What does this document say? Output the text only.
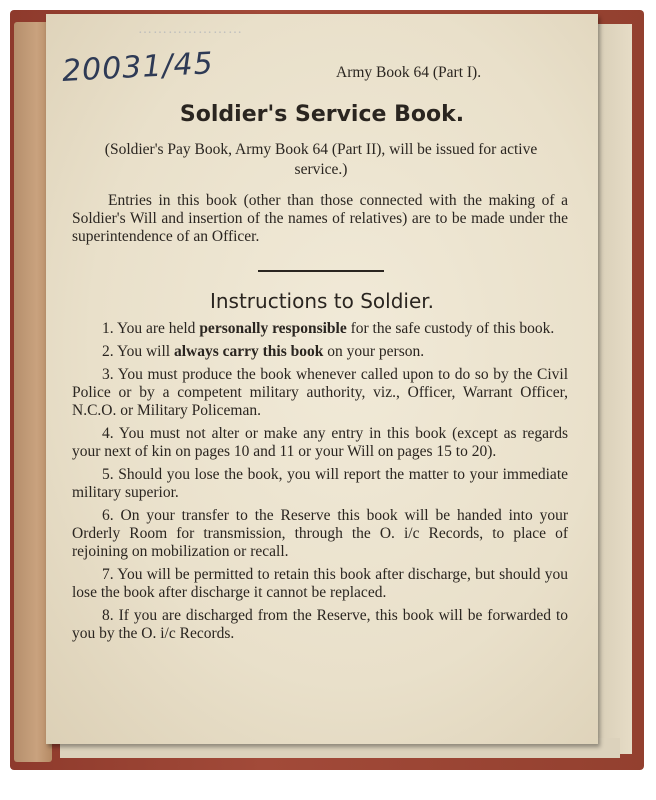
…………………
20031/45	Army Book 64 (Part I).
Soldier's Service Book.
(Soldier's Pay Book, Army Book 64 (Part II), will be issued for active service.)
Entries in this book (other than those connected with the making of a Soldier's Will and insertion of the names of relatives) are to be made under the superintendence of an Officer.
Instructions to Soldier.

1. You are held personally responsible for the safe custody of this book.

2. You will always carry this book on your person.

3. You must produce the book whenever called upon to do so by the Civil Police or by a competent military authority, viz., Officer, Warrant Officer, N.C.O. or Military Policeman.

4. You must not alter or make any entry in this book (except as regards your next of kin on pages 10 and 11 or your Will on pages 15 to 20).

5. Should you lose the book, you will report the matter to your immediate military superior.

6. On your transfer to the Reserve this book will be handed into your Orderly Room for transmission, through the O. i/c Records, to place of rejoining on mobilization or recall.

7. You will be permitted to retain this book after discharge, but should you lose the book after discharge it cannot be replaced.

8. If you are discharged from the Reserve, this book will be forwarded to you by the O. i/c Records.
